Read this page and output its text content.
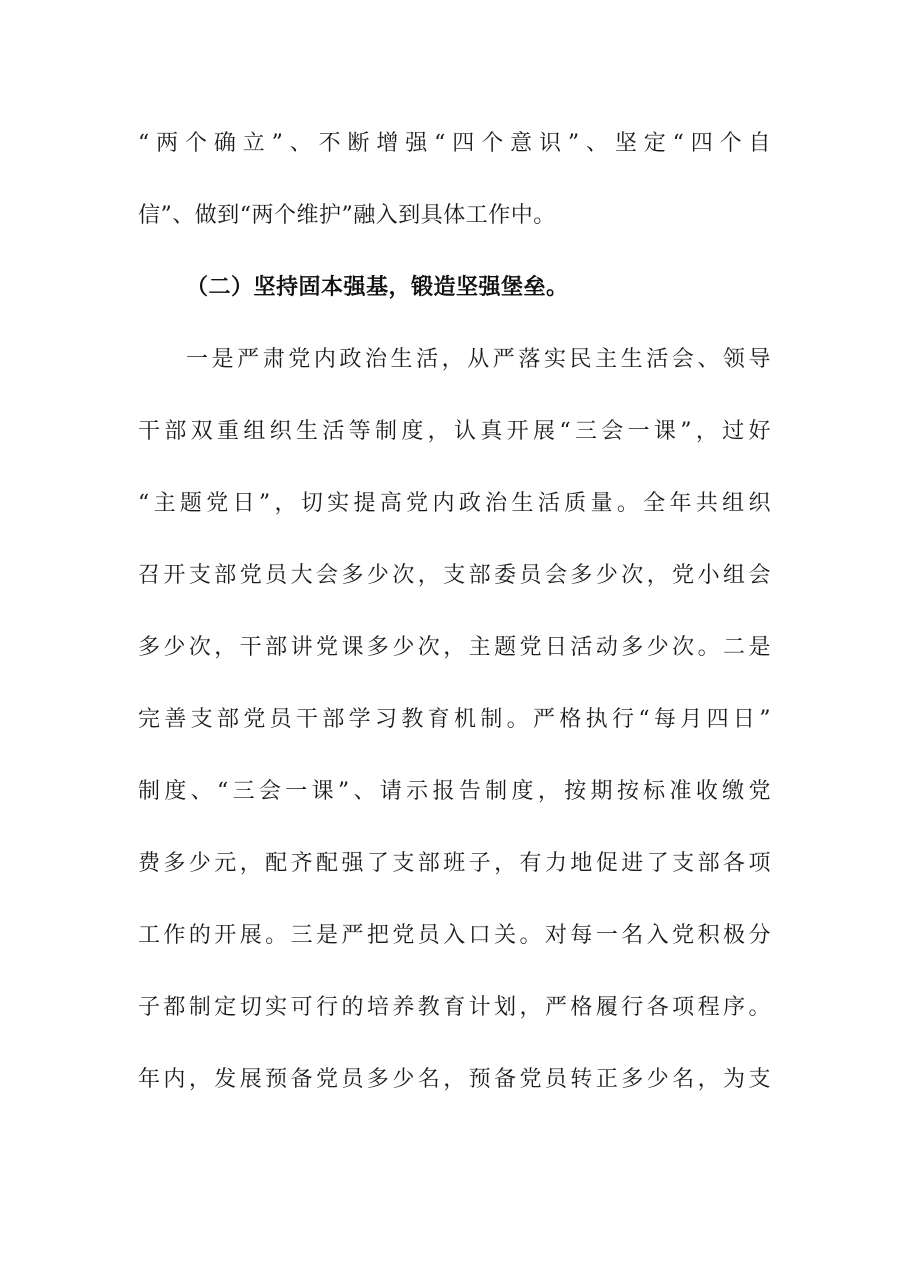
“两个确立”、不断增强“四个意识”、坚定“四个自
信”、做到“两个维护”融入到具体工作中。
（二）坚持固本强基，锻造坚强堡垒。
一是严肃党内政治生活，从严落实民主生活会、领导
干部双重组织生活等制度，认真开展“三会一课”，过好
“主题党日”，切实提高党内政治生活质量。全年共组织
召开支部党员大会多少次，支部委员会多少次，党小组会
多少次，干部讲党课多少次，主题党日活动多少次。二是
完善支部党员干部学习教育机制。严格执行“每月四日”
制度、“三会一课”、请示报告制度，按期按标准收缴党
费多少元，配齐配强了支部班子，有力地促进了支部各项
工作的开展。三是严把党员入口关。对每一名入党积极分
子都制定切实可行的培养教育计划，严格履行各项程序。
年内，发展预备党员多少名，预备党员转正多少名，为支
